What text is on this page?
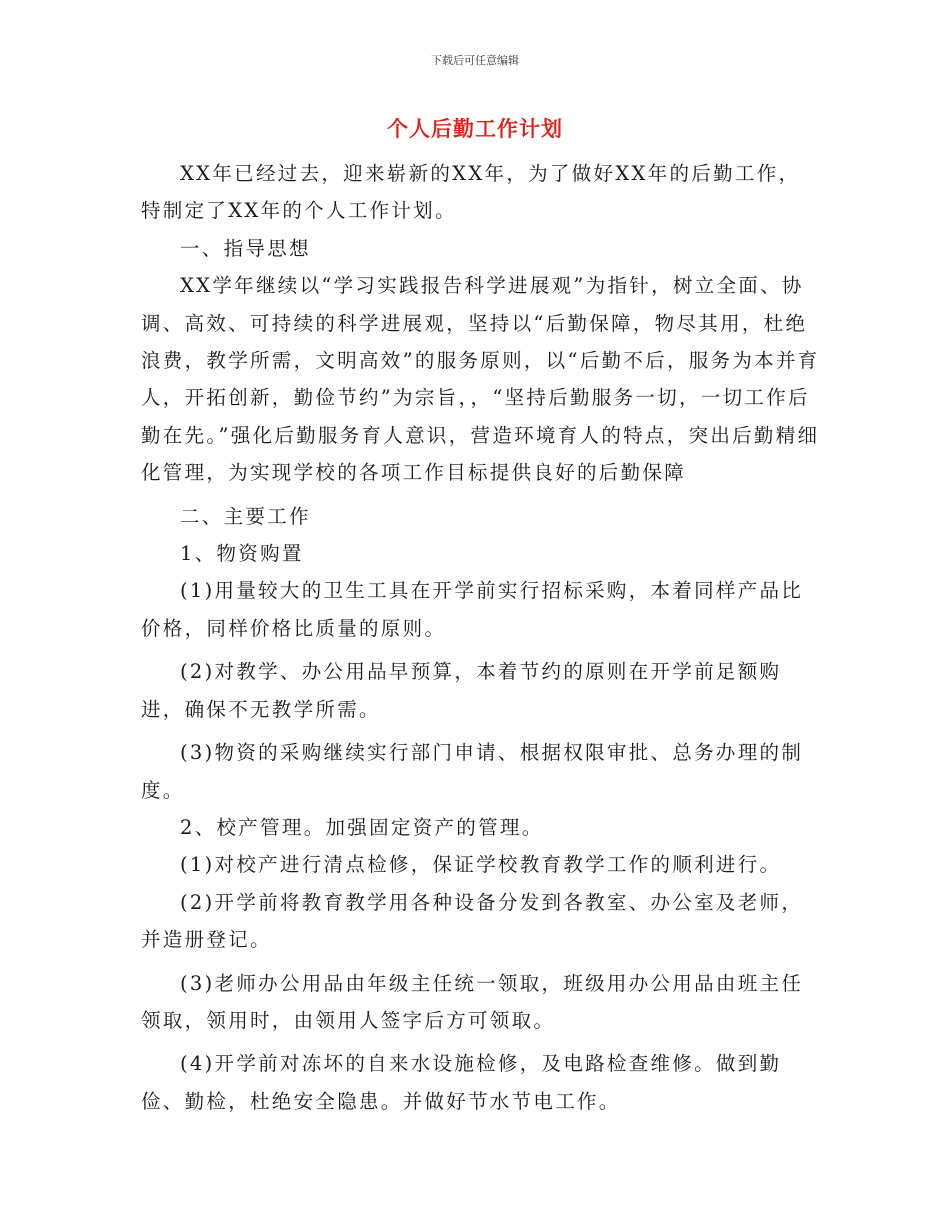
下载后可任意编辑
个人后勤工作计划

XX年已经过去，迎来崭新的XX年，为了做好XX年的后勤工作，特制定了XX年的个人工作计划。

一、指导思想

XX学年继续以“学习实践报告科学进展观”为指针，树立全面、协调、高效、可持续的科学进展观，坚持以“后勤保障，物尽其用，杜绝浪费，教学所需，文明高效”的服务原则，以“后勤不后，服务为本并育人，开拓创新，勤俭节约”为宗旨，，“坚持后勤服务一切，一切工作后勤在先。”强化后勤服务育人意识，营造环境育人的特点，突出后勤精细化管理，为实现学校的各项工作目标提供良好的后勤保障

二、主要工作

1、物资购置

(1)用量较大的卫生工具在开学前实行招标采购，本着同样产品比价格，同样价格比质量的原则。

(2)对教学、办公用品早预算，本着节约的原则在开学前足额购进，确保不无教学所需。

(3)物资的采购继续实行部门申请、根据权限审批、总务办理的制度。

2、校产管理。加强固定资产的管理。

(1)对校产进行清点检修，保证学校教育教学工作的顺利进行。

(2)开学前将教育教学用各种设备分发到各教室、办公室及老师，并造册登记。

(3)老师办公用品由年级主任统一领取，班级用办公用品由班主任领取，领用时，由领用人签字后方可领取。

(4)开学前对冻坏的自来水设施检修，及电路检查维修。做到勤俭、勤检，杜绝安全隐患。并做好节水节电工作。
